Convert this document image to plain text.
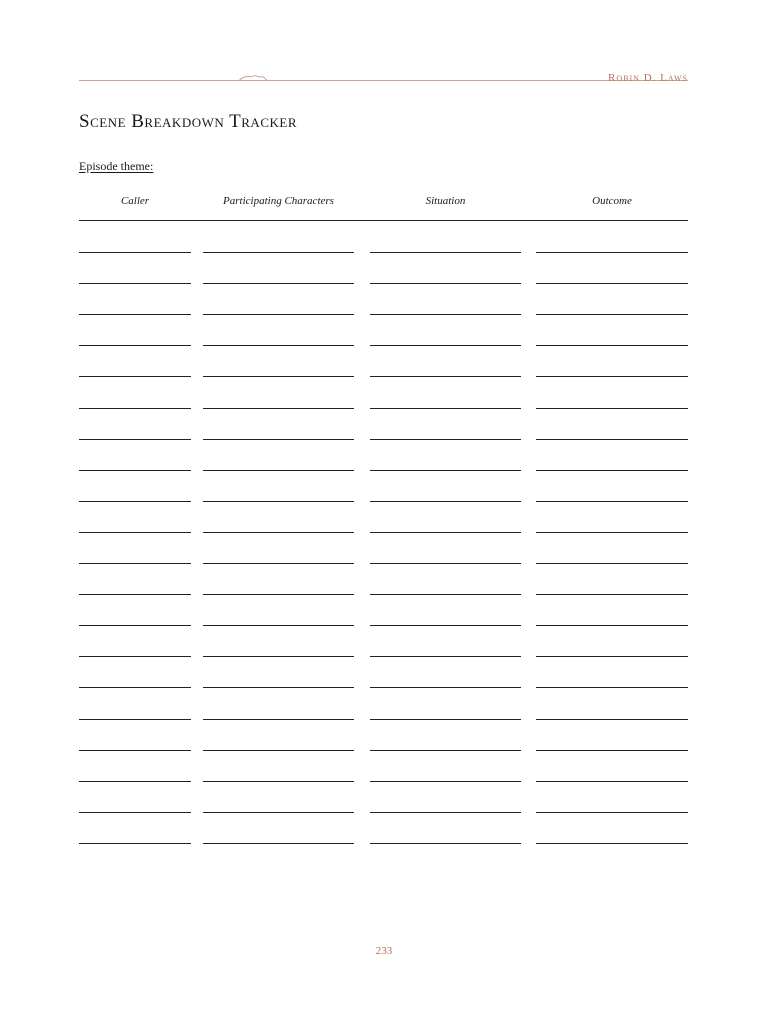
Robin D. Laws
Scene Breakdown Tracker
Episode theme:
Caller	Participating Characters	Situation	Outcome
233
